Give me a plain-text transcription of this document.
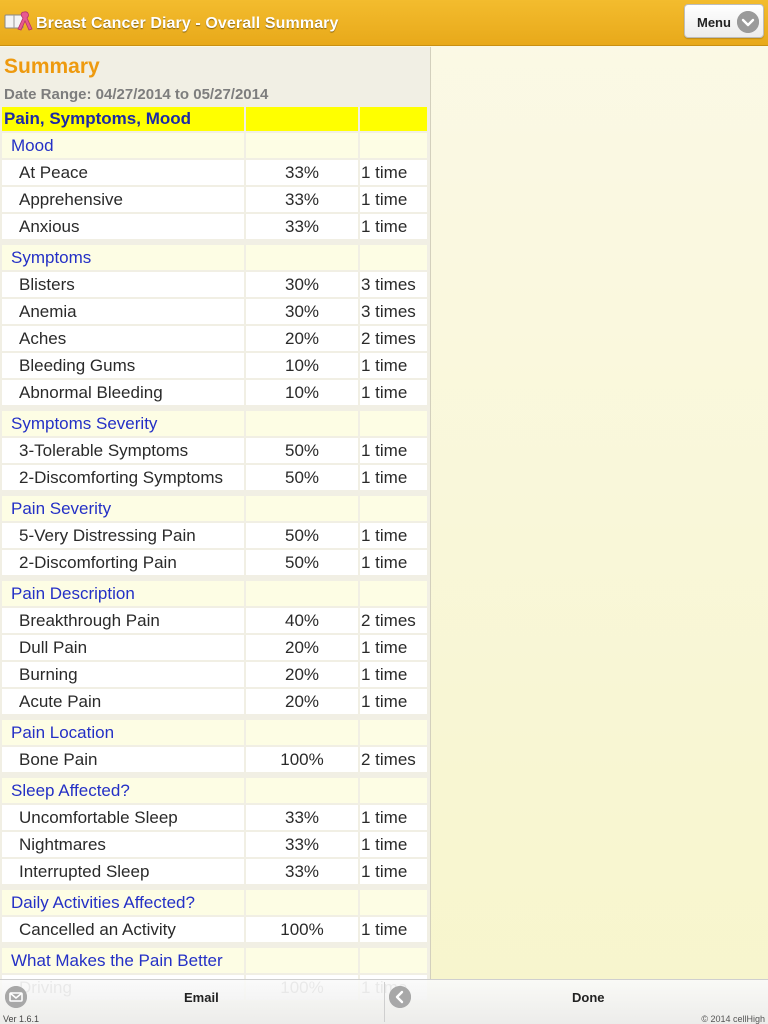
Breast Cancer Diary - Overall Summary	Menu
Summary
Date Range: 04/27/2014 to 05/27/2014
Pain, Symptoms, Mood
Mood
At Peace	33%	1 time
Apprehensive	33%	1 time
Anxious	33%	1 time
Symptoms
Blisters	30%	3 times
Anemia	30%	3 times
Aches	20%	2 times
Bleeding Gums	10%	1 time
Abnormal Bleeding	10%	1 time
Symptoms Severity
3-Tolerable Symptoms	50%	1 time
2-Discomforting Symptoms	50%	1 time
Pain Severity
5-Very Distressing Pain	50%	1 time
2-Discomforting Pain	50%	1 time
Pain Description
Breakthrough Pain	40%	2 times
Dull Pain	20%	1 time
Burning	20%	1 time
Acute Pain	20%	1 time
Pain Location
Bone Pain	100%	2 times
Sleep Affected?
Uncomfortable Sleep	33%	1 time
Nightmares	33%	1 time
Interrupted Sleep	33%	1 time
Daily Activities Affected?
Cancelled an Activity	100%	1 time
What Makes the Pain Better
Email	Done
Ver 1.6.1	© 2014 cellHigh
